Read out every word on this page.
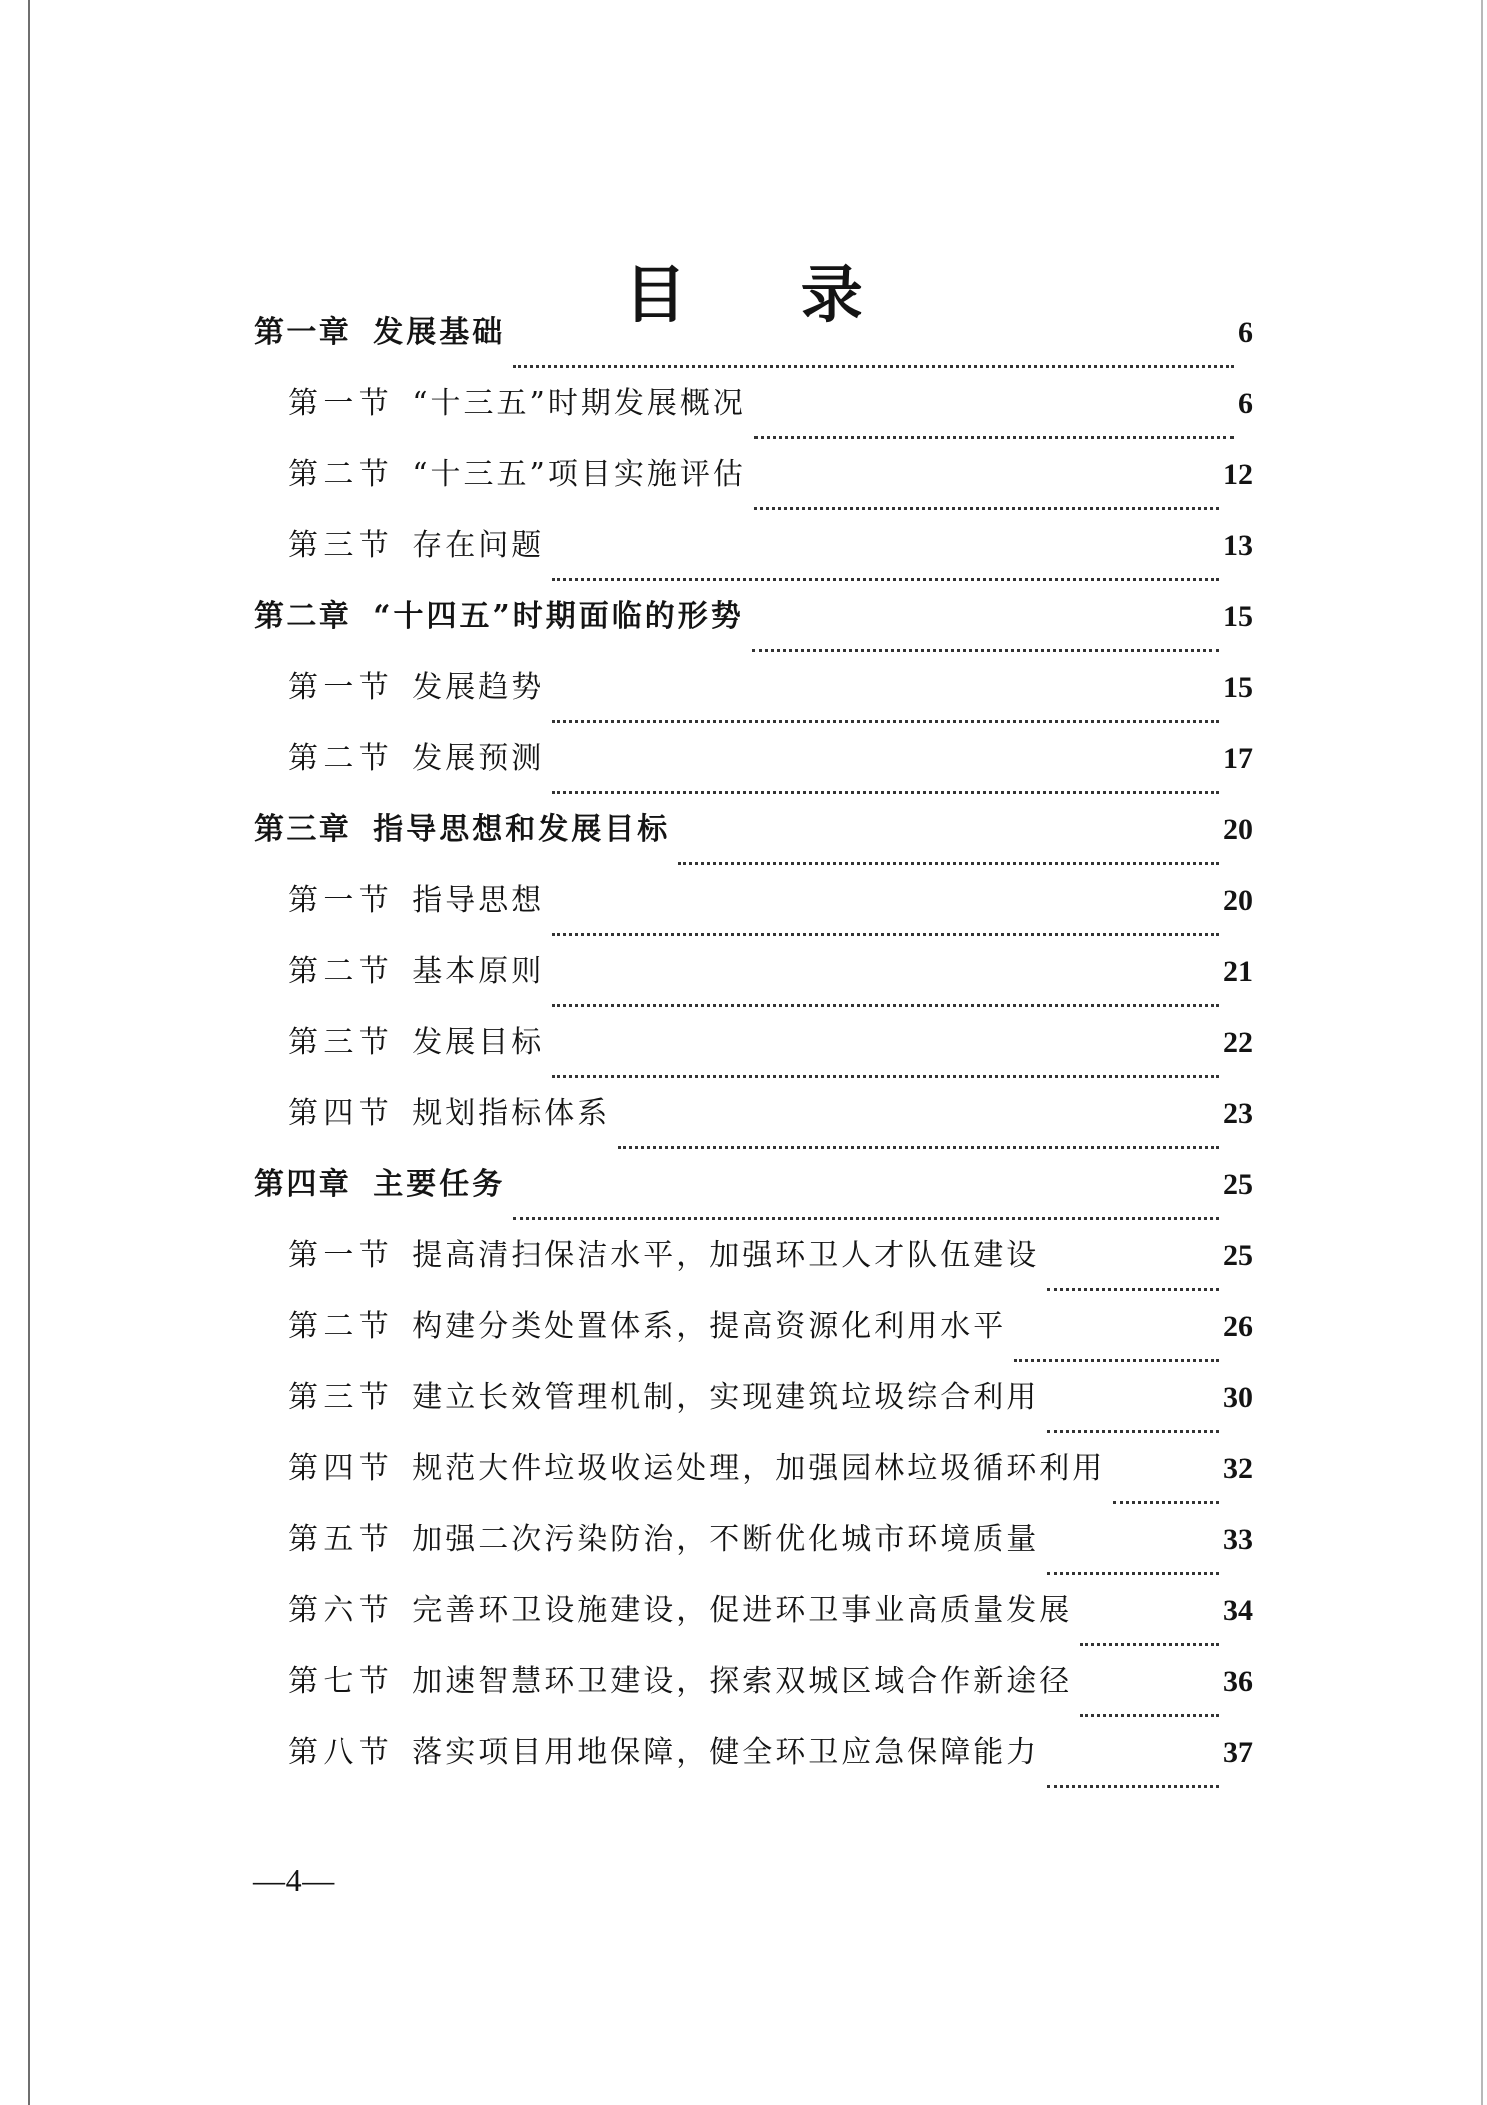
目 录
第一章 发展基础	6
第一节 “十三五”时期发展概况	6
第二节 “十三五”项目实施评估	12
第三节 存在问题	13
第二章 “十四五”时期面临的形势	15
第一节 发展趋势	15
第二节 发展预测	17
第三章 指导思想和发展目标	20
第一节 指导思想	20
第二节 基本原则	21
第三节 发展目标	22
第四节 规划指标体系	23
第四章 主要任务	25
第一节 提高清扫保洁水平，加强环卫人才队伍建设	25
第二节 构建分类处置体系，提高资源化利用水平	26
第三节 建立长效管理机制，实现建筑垃圾综合利用	30
第四节 规范大件垃圾收运处理，加强园林垃圾循环利用	32
第五节 加强二次污染防治，不断优化城市环境质量	33
第六节 完善环卫设施建设，促进环卫事业高质量发展	34
第七节 加速智慧环卫建设，探索双城区域合作新途径	36
第八节 落实项目用地保障，健全环卫应急保障能力	37
—4—
